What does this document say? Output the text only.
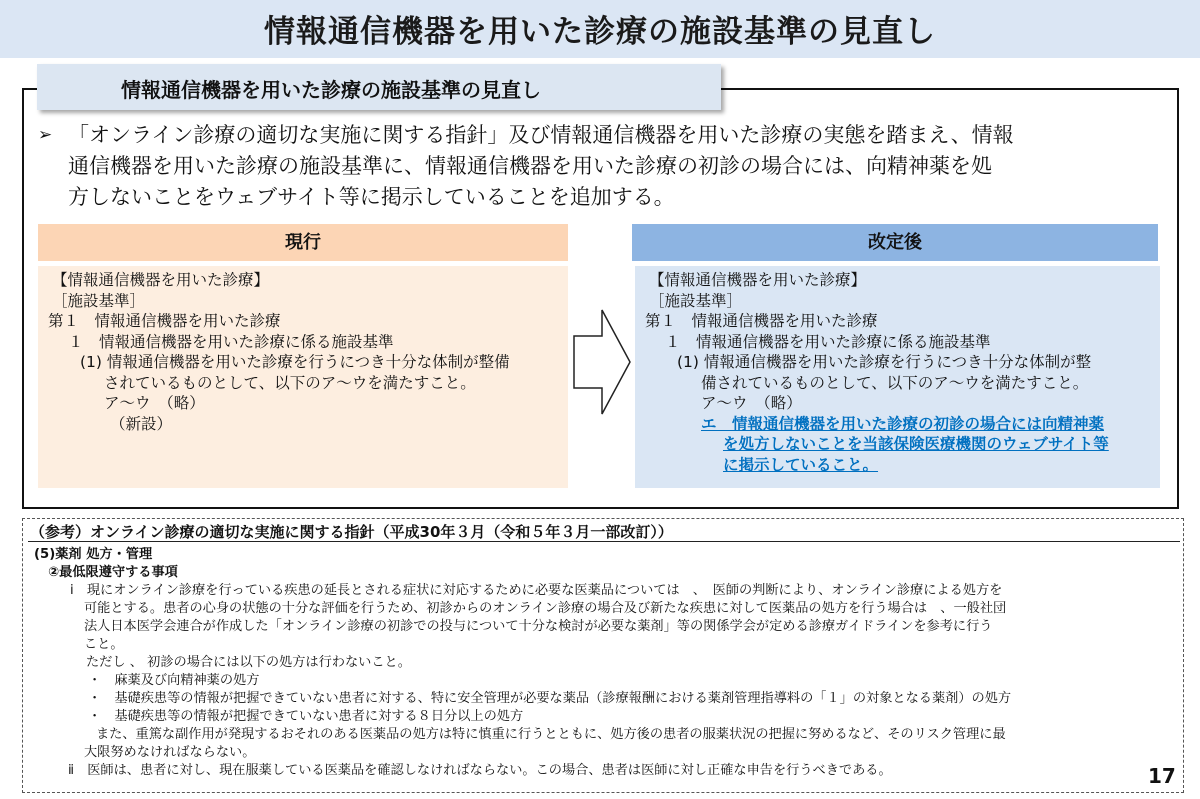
情報通信機器を用いた診療の施設基準の見直し
情報通信機器を用いた診療の施設基準の見直し
➢ 「オンライン診療の適切な実施に関する指針」及び情報通信機器を用いた診療の実態を踏まえ、情報
通信機器を用いた診療の施設基準に、情報通信機器を用いた診療の初診の場合には、向精神薬を処
方しないことをウェブサイト等に掲示していることを追加する。
現行	改定後
【情報通信機器を用いた診療】
［施設基準］
第１　情報通信機器を用いた診療
１　情報通信機器を用いた診療に係る施設基準
(1) 情報通信機器を用いた診療を行うにつき十分な体制が整備
されているものとして、以下のア～ウを満たすこと。
ア～ウ　（略）
（新設）
【情報通信機器を用いた診療】
［施設基準］
第１　情報通信機器を用いた診療
１　情報通信機器を用いた診療に係る施設基準
(1) 情報通信機器を用いた診療を行うにつき十分な体制が整
備されているものとして、以下のア～ウを満たすこと。
ア～ウ　（略）
エ　情報通信機器を用いた診療の初診の場合には向精神薬
を処方しないことを当該保険医療機関のウェブサイト等
に掲示していること。
（参考）オンライン診療の適切な実施に関する指針（平成30年３月（令和５年３月一部改訂））
(5)薬剤 処方・管理
②最低限遵守する事項
ⅰ　現にオンライン診療を行っている疾患の延長とされる症状に対応するために必要な医薬品については　、　医師の判断により、オンライン診療による処方を
可能とする。患者の心身の状態の十分な評価を行うため、初診からのオンライン診療の場合及び新たな疾患に対して医薬品の処方を行う場合は　、一般社団
法人日本医学会連合が作成した「オンライン診療の初診での投与について十分な検討が必要な薬剤」等の関係学会が定める診療ガイドラインを参考に行う
こと。
ただし 、 初診の場合には以下の処方は行わないこと。
・　麻薬及び向精神薬の処方
・　基礎疾患等の情報が把握できていない患者に対する、特に安全管理が必要な薬品（診療報酬における薬剤管理指導料の「１」の対象となる薬剤）の処方
・　基礎疾患等の情報が把握できていない患者に対する８日分以上の処方
また、重篤な副作用が発現するおそれのある医薬品の処方は特に慎重に行うとともに、処方後の患者の服薬状況の把握に努めるなど、そのリスク管理に最
大限努めなければならない。
ⅱ　医師は、患者に対し、現在服薬している医薬品を確認しなければならない。この場合、患者は医師に対し正確な申告を行うべきである。	17
